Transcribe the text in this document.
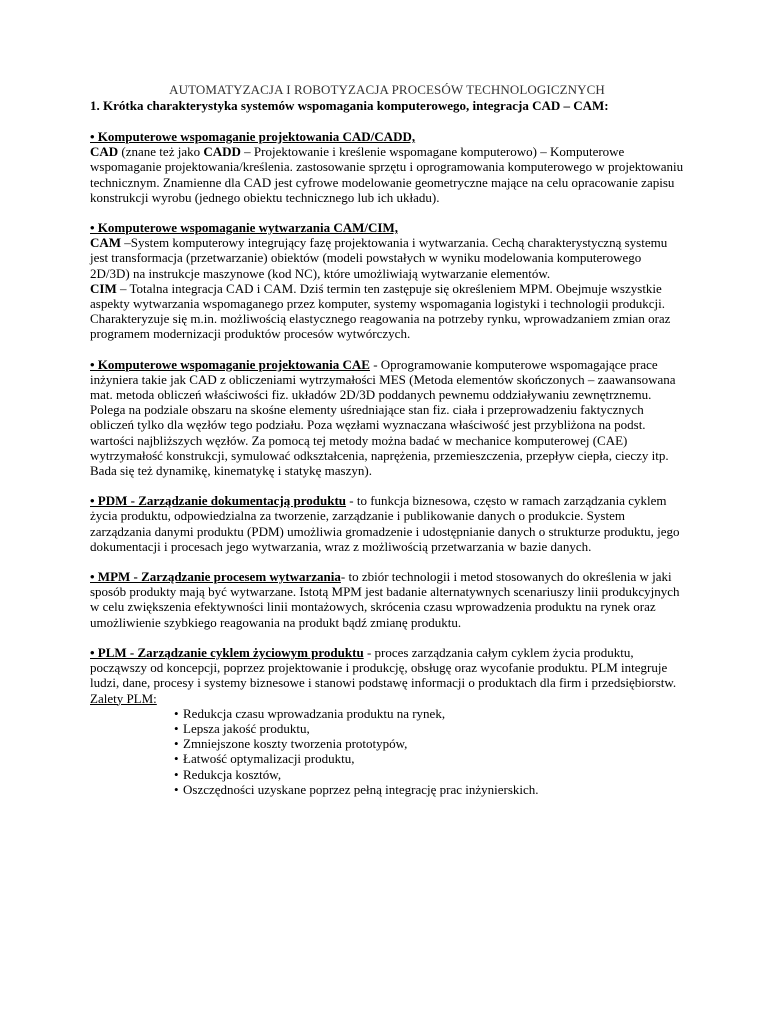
AUTOMATYZACJA I ROBOTYZACJA PROCESÓW TECHNOLOGICZNYCH
1. Krótka charakterystyka systemów wspomagania komputerowego, integracja CAD – CAM:
• Komputerowe wspomaganie projektowania CAD/CADD,

CAD (znane też jako CADD – Projektowanie i kreślenie wspomagane komputerowo) – Komputerowe wspomaganie projektowania/kreślenia. zastosowanie sprzętu i oprogramowania komputerowego w projektowaniu technicznym. Znamienne dla CAD jest cyfrowe modelowanie geometryczne mające na celu opracowanie zapisu konstrukcji wyrobu (jednego obiektu technicznego lub ich układu).

• Komputerowe wspomaganie wytwarzania CAM/CIM,

CAM –System komputerowy integrujący fazę projektowania i wytwarzania. Cechą charakterystyczną systemu jest transformacja (przetwarzanie) obiektów (modeli powstałych w wyniku modelowania komputerowego 2D/3D) na instrukcje maszynowe (kod NC), które umożliwiają wytwarzanie elementów.

CIM – Totalna integracja CAD i CAM. Dziś termin ten zastępuje się określeniem MPM. Obejmuje wszystkie aspekty wytwarzania wspomaganego przez komputer, systemy wspomagania logistyki i technologii produkcji. Charakteryzuje się m.in. możliwością elastycznego reagowania na potrzeby rynku, wprowadzaniem zmian oraz programem modernizacji produktów procesów wytwórczych.

• Komputerowe wspomaganie projektowania CAE - Oprogramowanie komputerowe wspomagające prace inżyniera takie jak CAD z obliczeniami wytrzymałości MES (Metoda elementów skończonych – zaawansowana mat. metoda obliczeń właściwości fiz. układów 2D/3D poddanych pewnemu oddziaływaniu zewnętrznemu. Polega na podziale obszaru na skośne elementy uśredniające stan fiz. ciała i przeprowadzeniu faktycznych obliczeń tylko dla węzłów tego podziału. Poza węzłami wyznaczana właściwość jest przybliżona na podst. wartości najbliższych węzłów. Za pomocą tej metody można badać w mechanice komputerowej (CAE) wytrzymałość konstrukcji, symulować odkształcenia, naprężenia, przemieszczenia, przepływ ciepła, cieczy itp. Bada się też dynamikę, kinematykę i statykę maszyn).

• PDM - Zarządzanie dokumentacją produktu - to funkcja biznesowa, często w ramach zarządzania cyklem życia produktu, odpowiedzialna za tworzenie, zarządzanie i publikowanie danych o produkcie. System zarządzania danymi produktu (PDM) umożliwia gromadzenie i udostępnianie danych o strukturze produktu, jego dokumentacji i procesach jego wytwarzania, wraz z możliwością przetwarzania w bazie danych.

• MPM - Zarządzanie procesem wytwarzania- to zbiór technologii i metod stosowanych do określenia w jaki sposób produkty mają być wytwarzane. Istotą MPM jest badanie alternatywnych scenariuszy linii produkcyjnych w celu zwiększenia efektywności linii montażowych, skrócenia czasu wprowadzenia produktu na rynek oraz umożliwienie szybkiego reagowania na produkt bądź zmianę produktu.

• PLM - Zarządzanie cyklem życiowym produktu - proces zarządzania całym cyklem życia produktu, począwszy od koncepcji, poprzez projektowanie i produkcję, obsługę oraz wycofanie produktu. PLM integruje ludzi, dane, procesy i systemy biznesowe i stanowi podstawę informacji o produktach dla firm i przedsiębiorstw.

Zalety PLM:
• Redukcja czasu wprowadzania produktu na rynek,
• Lepsza jakość produktu,
• Zmniejszone koszty tworzenia prototypów,
• Łatwość optymalizacji produktu,
• Redukcja kosztów,
• Oszczędności uzyskane poprzez pełną integrację prac inżynierskich.
